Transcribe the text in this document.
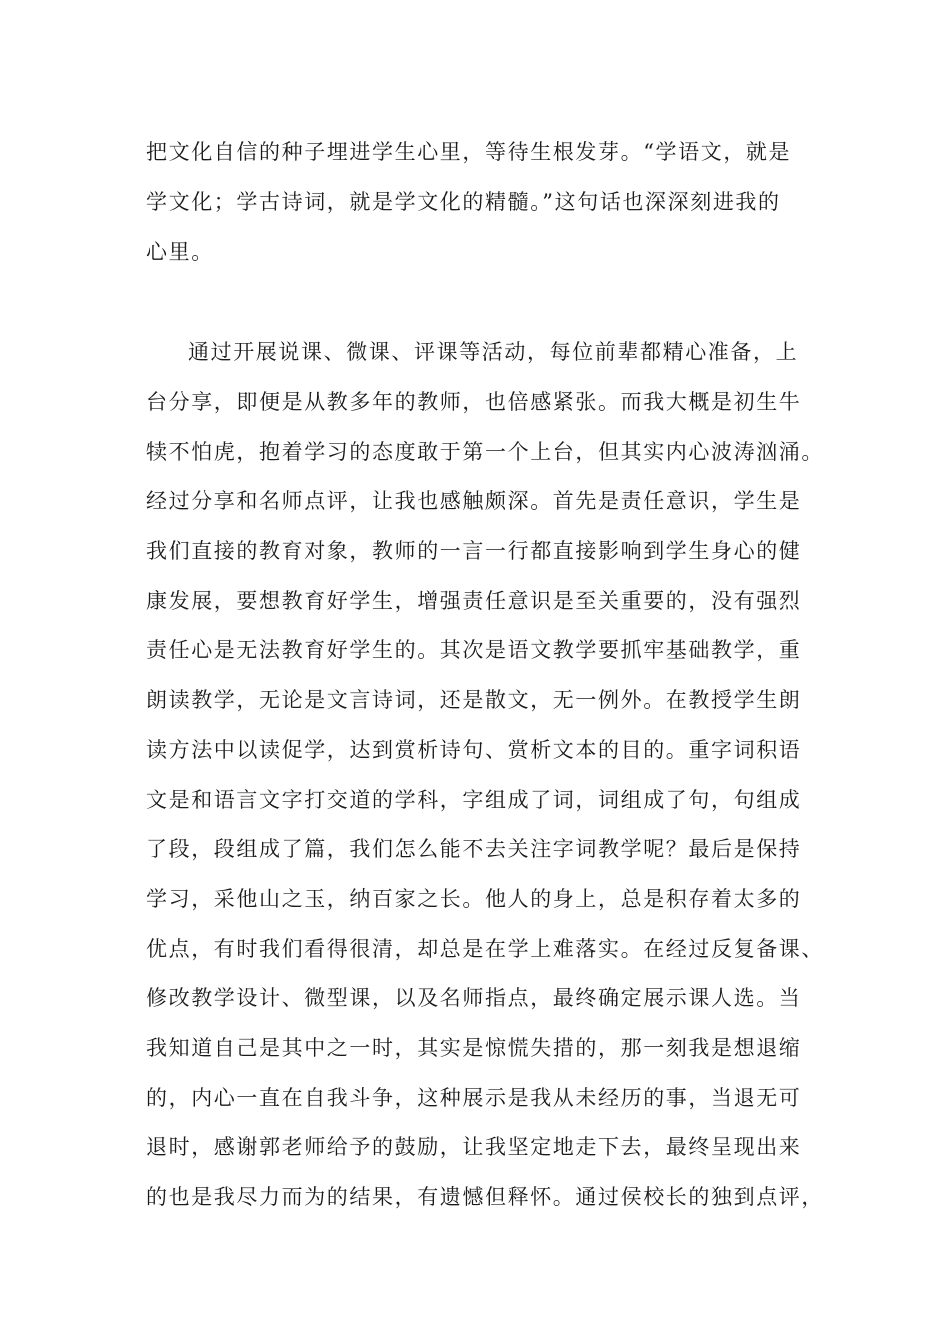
把文化自信的种子埋进学生心里，等待生根发芽。“学语文，就是
学文化；学古诗词，就是学文化的精髓。”这句话也深深刻进我的
心里。
通过开展说课、微课、评课等活动，每位前辈都精心准备，上
台分享，即便是从教多年的教师，也倍感紧张。而我大概是初生牛
犊不怕虎，抱着学习的态度敢于第一个上台，但其实内心波涛汹涌。
经过分享和名师点评，让我也感触颇深。首先是责任意识，学生是
我们直接的教育对象，教师的一言一行都直接影响到学生身心的健
康发展，要想教育好学生，增强责任意识是至关重要的，没有强烈
责任心是无法教育好学生的。其次是语文教学要抓牢基础教学，重
朗读教学，无论是文言诗词，还是散文，无一例外。在教授学生朗
读方法中以读促学，达到赏析诗句、赏析文本的目的。重字词积语
文是和语言文字打交道的学科，字组成了词，词组成了句，句组成
了段，段组成了篇，我们怎么能不去关注字词教学呢？最后是保持
学习，采他山之玉，纳百家之长。他人的身上，总是积存着太多的
优点，有时我们看得很清，却总是在学上难落实。在经过反复备课、
修改教学设计、微型课，以及名师指点，最终确定展示课人选。当
我知道自己是其中之一时，其实是惊慌失措的，那一刻我是想退缩
的，内心一直在自我斗争，这种展示是我从未经历的事，当退无可
退时，感谢郭老师给予的鼓励，让我坚定地走下去，最终呈现出来
的也是我尽力而为的结果，有遗憾但释怀。通过侯校长的独到点评，
